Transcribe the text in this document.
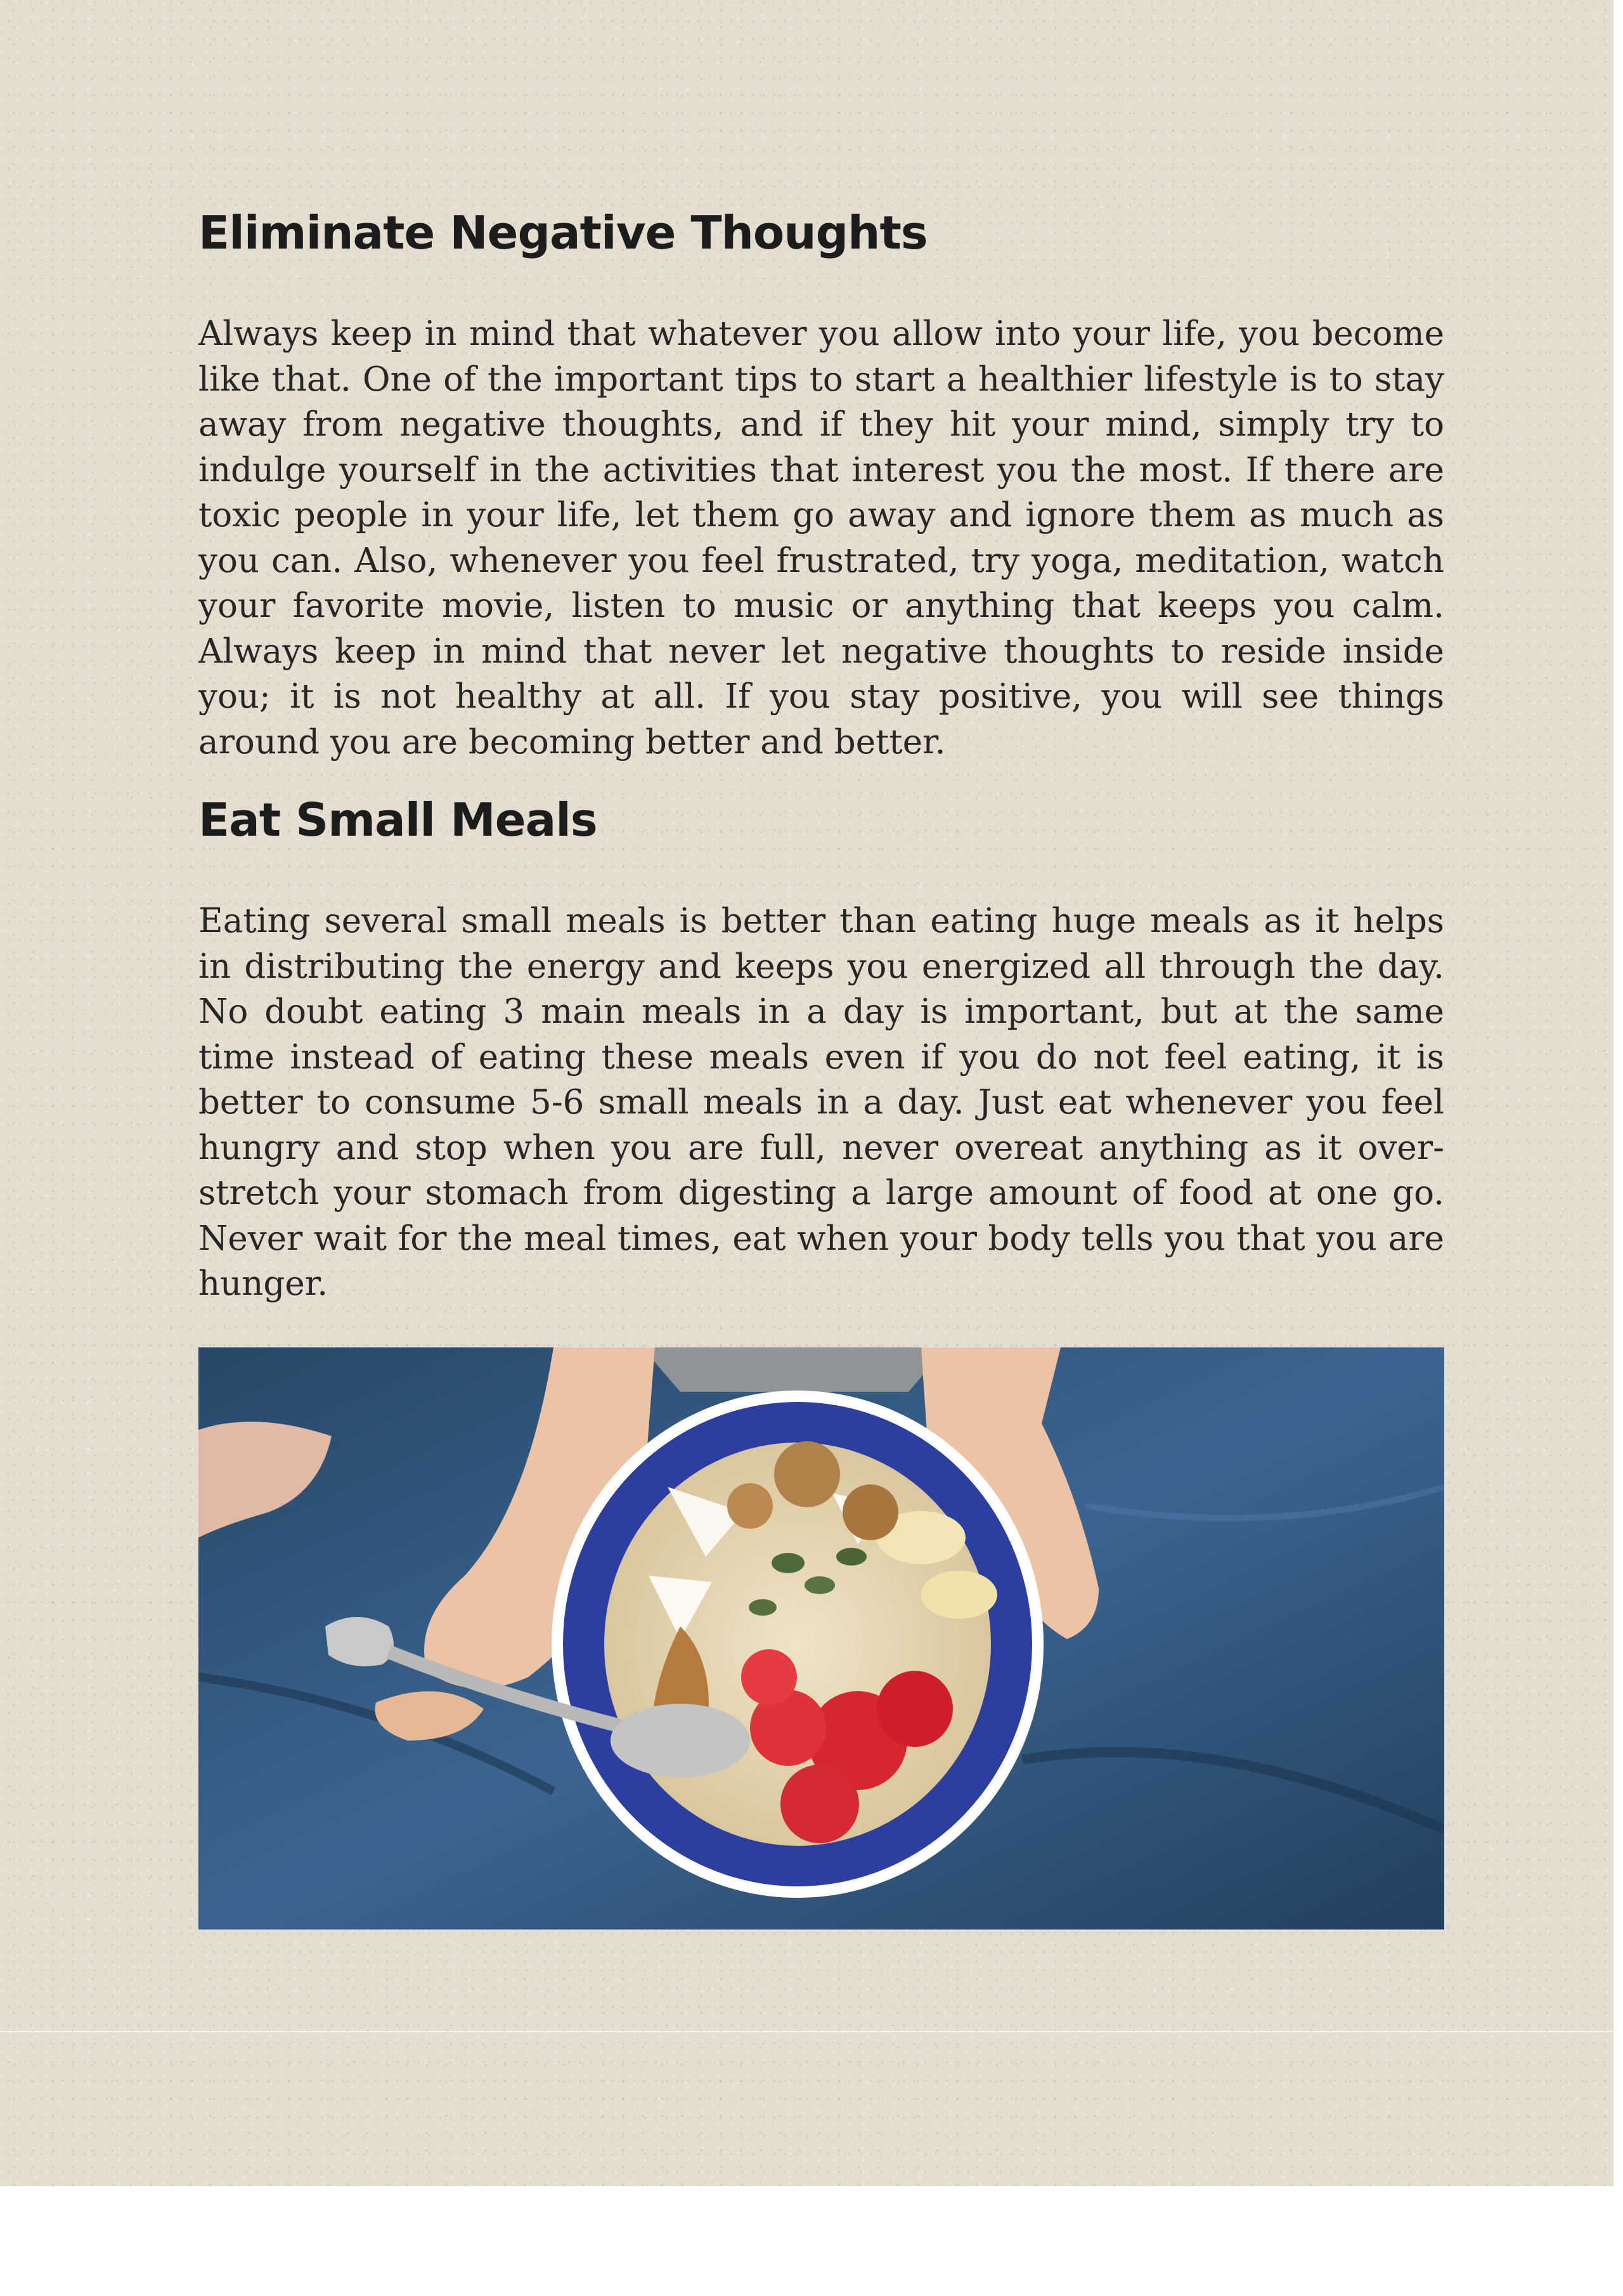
Eliminate Negative Thoughts

Always keep in mind that whatever you allow into your life, you become like that. One of the important tips to start a healthier lifestyle is to stay away from negative thoughts, and if they hit your mind, simply try to indulge yourself in the activities that interest you the most. If there are toxic people in your life, let them go away and ignore them as much as you can. Also, whenever you feel frustrated, try yoga, meditation, watch your favorite movie, listen to music or anything that keeps you calm. Always keep in mind that never let negative thoughts to reside inside you; it is not healthy at all. If you stay positive, you will see things around you are becoming better and better.

Eat Small Meals

Eating several small meals is better than eating huge meals as it helps in distributing the energy and keeps you energized all through the day. No doubt eating 3 main meals in a day is important, but at the same time instead of eating these meals even if you do not feel eating, it is better to consume 5-6 small meals in a day. Just eat whenever you feel hungry and stop when you are full, never overeat anything as it over-stretch your stomach from digesting a large amount of food at one go. Never wait for the meal times, eat when your body tells you that you are hunger.
